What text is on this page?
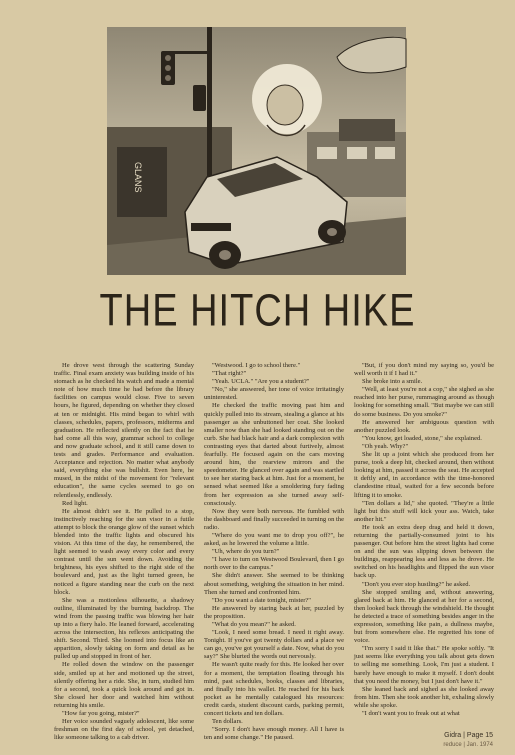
GLANS
THE HITCH HIKE

He drove west through the scattering Sunday traffic. Final exam anxiety was building inside of his stomach as he checked his watch and made a mental note of how much time he had before the library facilities on campus would close. Five to seven hours, he figured, depending on whether they closed at ten or midnight. His mind began to whirl with classes, schedules, papers, professors, midterms and graduation. He reflected silently on the fact that he had come all this way, grammar school to college and now graduate school, and it still came down to tests and grades. Performance and evaluation. Acceptance and rejection. No matter what anybody said, everything else was bullshit. Even here, he mused, in the midst of the movement for "relevant education", the same cycles seemed to go on relentlessly, endlessly.

Red light.

He almost didn't see it. He pulled to a stop, instinctively reaching for the sun visor in a futile attempt to block the orange glow of the sunset which blended into the traffic lights and obscured his vision. At this time of the day, he remembered, the light seemed to wash away every color and every contrast until the sun went down. Avoiding the brightness, his eyes shifted to the right side of the boulevard and, just as the light turned green, he noticed a figure standing near the curb on the next block.

She was a motionless silhouette, a shadowy outline, illuminated by the burning backdrop. The wind from the passing traffic was blowing her hair up into a fiery halo. He leaned forward, accelerating across the intersection, his reflexes anticipating the shift. Second. Third. She loomed into focus like an apparition, slowly taking on form and detail as he pulled up and stopped in front of her.

He rolled down the window on the passenger side, smiled up at her and motioned up the street, silently offering her a ride. She, in turn, studied him for a second, took a quick look around and got in. She closed her door and watched him without returning his smile.

"How far you going, mister?"

Her voice sounded vaguely adolescent, like some freshman on the first day of school, yet detached, like someone talking to a cab driver.

"Westwood. I go to school there."

"That right?"

"Yeah. UCLA." "Are you a student?"

"No," she answered, her tone of voice irritatingly uninterested.

He checked the traffic moving past him and quickly pulled into its stream, stealing a glance at his passenger as she unbuttoned her coat. She looked smaller now than she had looked standing out on the curb. She had black hair and a dark complexion with contrasting eyes that darted about furtively, almost fearfully. He focused again on the cars moving around him, the rearview mirrors and the speedometer. He glanced over again and was startled to see her staring back at him. Just for a moment, he sensed what seemed like a smoldering fury fading from her expression as she turned away self-consciously.

Now they were both nervous. He fumbled with the dashboard and finally succeeded in turning on the radio.

"Where do you want me to drop you off?", he asked, as he lowered the volume a little.

"Uh, where do you turn?"

"I have to turn on Westwood Boulevard, then I go north over to the campus."

She didn't answer. She seemed to be thinking about something, weighing the situation in her mind. Then she turned and confronted him.

"Do you want a date tonight, mister?"

He answered by staring back at her, puzzled by the proposition.

"What do you mean?" he asked.

"Look, I need some bread. I need it right away. Tonight. If you've got twenty dollars and a place we can go, you've got yourself a date. Now, what do you say?" She blurted the words out nervously.

He wasn't quite ready for this. He looked her over for a moment, the temptation floating through his mind, past schedules, books, classes and libraries, and finally into his wallet. He reached for his back pocket as he mentally catalogued his resources: credit cards, student discount cards, parking permit, concert tickets and ten dollars.

Ten dollars.

"Sorry. I don't have enough money. All I have is ten and some change." He paused.

"But, if you don't mind my saying so, you'd be well worth it if I had it."

She broke into a smile.

"Well, at least you're not a cop," she sighed as she reached into her purse, rummaging around as though looking for something small. "But maybe we can still do some business. Do you smoke?"

He answered her ambiguous question with another puzzled look.

"You know, get loaded, stone," she explained.

"Oh yeah. Why?"

She lit up a joint which she produced from her purse, took a deep hit, checked around, then without looking at him, passed it across the seat. He accepted it deftly and, in accordance with the time-honored clandestine ritual, waited for a few seconds before lifting it to smoke.

"Ten dollars a lid," she quoted. "They're a little light but this stuff will kick your ass. Watch, take another hit."

He took an extra deep drag and held it down, returning the partially-consumed joint to his passenger. Out before him the street lights had come on and the sun was slipping down between the buildings, reappearing less and less as he drove. He switched on his headlights and flipped the sun visor back up.

"Don't you ever stop hustling?" he asked.

She stopped smiling and, without answering, glared back at him. He glanced at her for a second, then looked back through the windshield. He thought he detected a trace of something besides anger in the expression, something like pain, a dullness maybe, but from somewhere else. He regretted his tone of voice.

"I'm sorry I said it like that." He spoke softly. "It just seems like everything you talk about gets down to selling me something. Look, I'm just a student. I barely have enough to make it myself. I don't doubt that you need the money, but I just don't have it."

She leaned back and sighed as she looked away from him. Then she took another hit, exhaling slowly while she spoke.

"I don't want you to freak out at what

Gidra | Page 15
reduce | Jan. 1974
